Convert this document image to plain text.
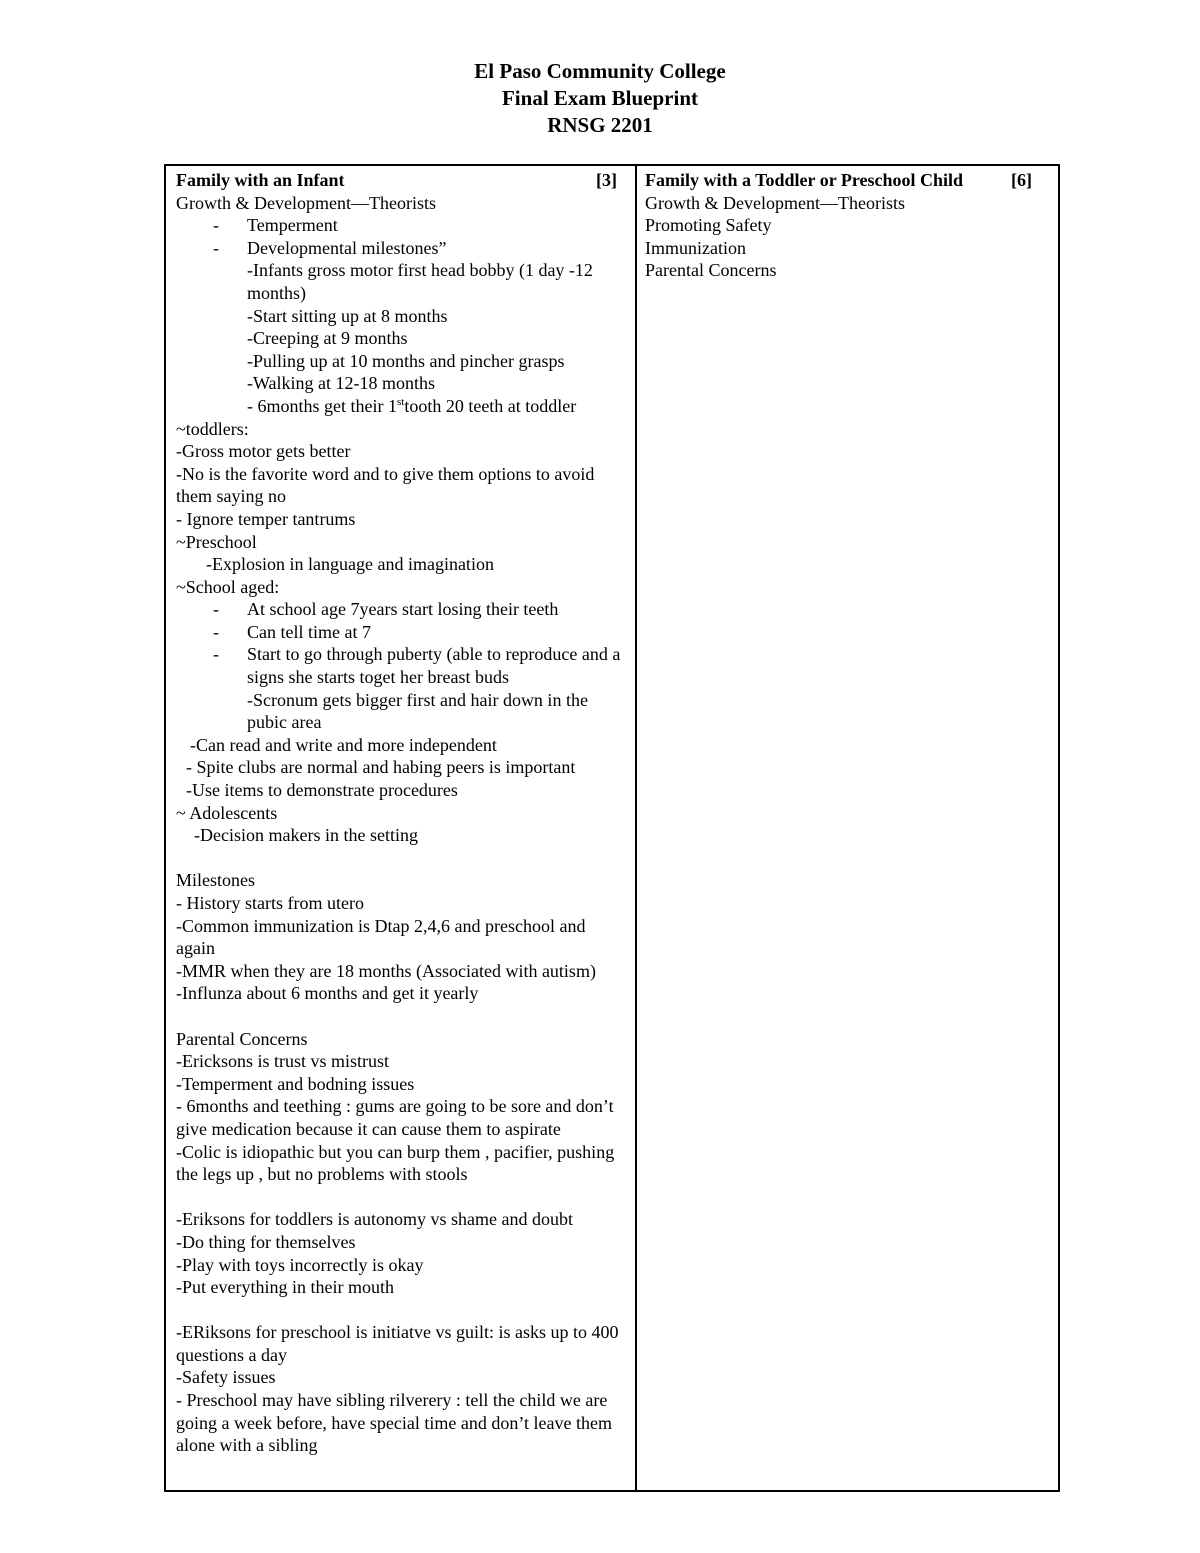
El Paso Community College
Final Exam Blueprint
RNSG 2201
Family with an Infant	[3]
Growth & Development—Theorists
- Temperment
- Developmental milestones”
-Infants gross motor first head bobby (1 day -12 months)
-Start sitting up at 8 months
-Creeping at 9 months
-Pulling up at 10 months and pincher grasps
-Walking at 12-18 months
- 6months get their 1sttooth 20 teeth at toddler
~toddlers:
-Gross motor gets better
-No is the favorite word and to give them options to avoid them saying no
- Ignore temper tantrums
~Preschool
-Explosion in language and imagination
~School aged:
- At school age 7years start losing their teeth
- Can tell time at 7
- Start to go through puberty (able to reproduce and a signs she starts toget her breast buds
-Scronum gets bigger first and hair down in the pubic area
-Can read and write and more independent
- Spite clubs are normal and habing peers is important
-Use items to demonstrate procedures
~ Adolescents
-Decision makers in the setting
Milestones
- History starts from utero
-Common immunization is Dtap 2,4,6 and preschool and again
-MMR when they are 18 months (Associated with autism)
-Influnza about 6 months and get it yearly
Parental Concerns
-Ericksons is trust vs mistrust
-Temperment and bodning issues
- 6months and teething : gums are going to be sore and don’t give medication because it can cause them to aspirate
-Colic is idiopathic but you can burp them , pacifier, pushing the legs up , but no problems with stools
-Eriksons for toddlers is autonomy vs shame and doubt
-Do thing for themselves
-Play with toys incorrectly is okay
-Put everything in their mouth
-ERiksons for preschool is initiatve vs guilt: is asks up to 400 questions a day
-Safety issues
- Preschool may have sibling rilverery : tell the child we are going a week before, have special time and don’t leave them alone with a sibling
Family with a Toddler or Preschool Child	[6]
Growth & Development—Theorists
Promoting Safety
Immunization
Parental Concerns
